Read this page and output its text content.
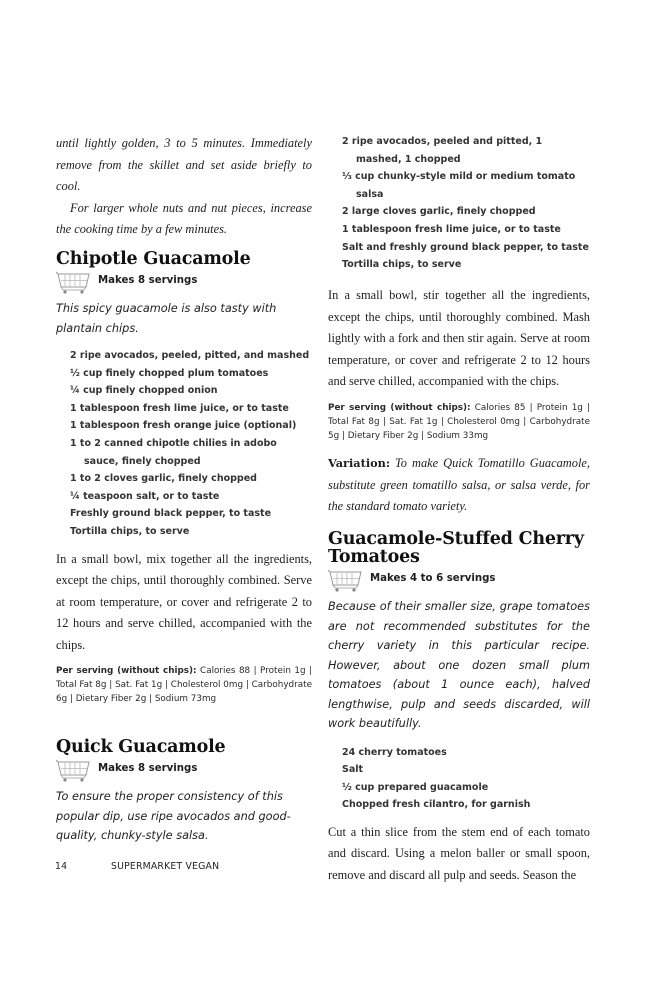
until lightly golden, 3 to 5 minutes. Immediately remove from the skillet and set aside briefly to cool.

For larger whole nuts and nut pieces, increase the cooking time by a few minutes.

Chipotle Guacamole
Makes 8 servings
This spicy guacamole is also tasty with plantain chips.
2 ripe avocados, peeled, pitted, and mashed
½ cup finely chopped plum tomatoes
¼ cup finely chopped onion
1 tablespoon fresh lime juice, or to taste
1 tablespoon fresh orange juice (optional)
1 to 2 canned chipotle chilies in adobo sauce, finely chopped
1 to 2 cloves garlic, finely chopped
¼ teaspoon salt, or to taste
Freshly ground black pepper, to taste
Tortilla chips, to serve

In a small bowl, mix together all the ingredients, except the chips, until thoroughly combined. Serve at room temperature, or cover and refrigerate 2 to 12 hours and serve chilled, accompanied with the chips.

Per serving (without chips): Calories 88 | Protein 1g | Total Fat 8g | Sat. Fat 1g | Cholesterol 0mg | Carbohydrate 6g | Dietary Fiber 2g | Sodium 73mg

Quick Guacamole
Makes 8 servings
To ensure the proper consistency of this popular dip, use ripe avocados and good-quality, chunky-style salsa.
2 ripe avocados, peeled and pitted, 1 mashed, 1 chopped
⅓ cup chunky-style mild or medium tomato salsa
2 large cloves garlic, finely chopped
1 tablespoon fresh lime juice, or to taste
Salt and freshly ground black pepper, to taste
Tortilla chips, to serve

In a small bowl, stir together all the ingredients, except the chips, until thoroughly combined. Mash lightly with a fork and then stir again. Serve at room temperature, or cover and refrigerate 2 to 12 hours and serve chilled, accompanied with the chips.

Per serving (without chips): Calories 85 | Protein 1g | Total Fat 8g | Sat. Fat 1g | Cholesterol 0mg | Carbohydrate 5g | Dietary Fiber 2g | Sodium 33mg

Variation: To make Quick Tomatillo Guacamole, substitute green tomatillo salsa, or salsa verde, for the standard tomato variety.

Guacamole-Stuffed Cherry Tomatoes
Makes 4 to 6 servings
Because of their smaller size, grape tomatoes are not recommended substitutes for the cherry variety in this particular recipe. However, about one dozen small plum tomatoes (about 1 ounce each), halved lengthwise, pulp and seeds discarded, will work beautifully.
24 cherry tomatoes
Salt
½ cup prepared guacamole
Chopped fresh cilantro, for garnish

Cut a thin slice from the stem end of each tomato and discard. Using a melon baller or small spoon, remove and discard all pulp and seeds. Season the

14	SUPERMARKET VEGAN
